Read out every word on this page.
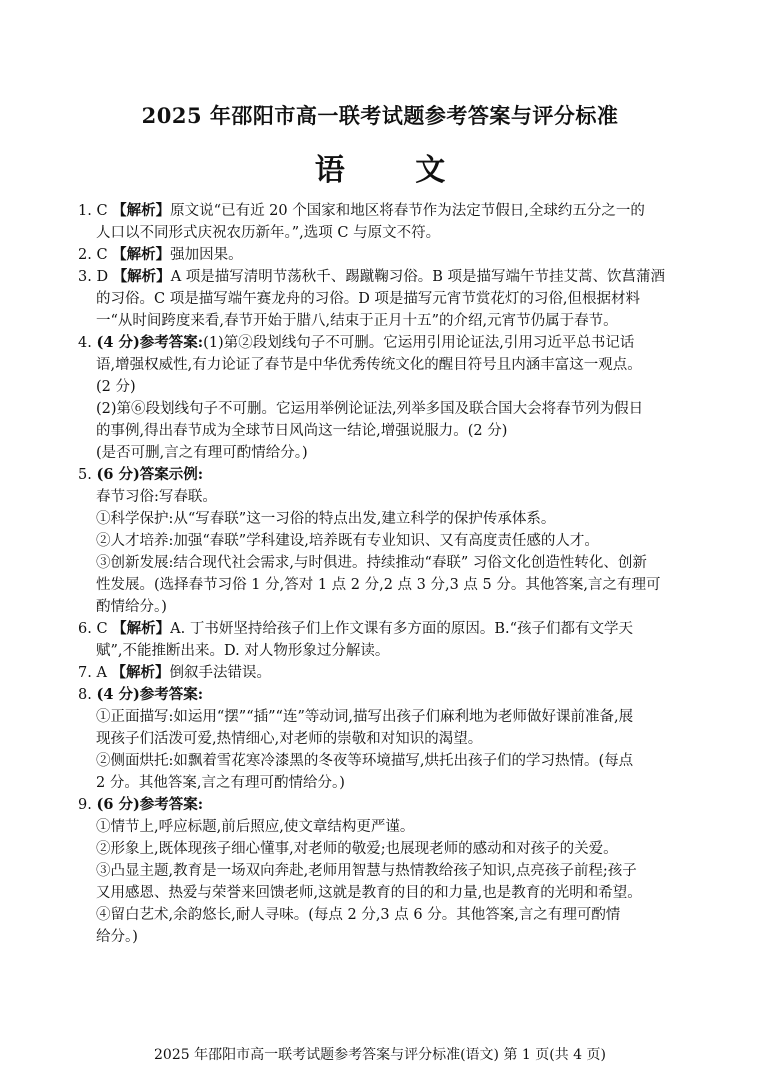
2025 年邵阳市高一联考试题参考答案与评分标准
语 文
1. C 【解析】原文说“已有近 20 个国家和地区将春节作为法定节假日,全球约五分之一的
人口以不同形式庆祝农历新年。”,选项 C 与原文不符。
2. C 【解析】强加因果。
3. D 【解析】A 项是描写清明节荡秋千、踢蹴鞠习俗。B 项是描写端午节挂艾蒿、饮菖蒲酒
的习俗。C 项是描写端午赛龙舟的习俗。D 项是描写元宵节赏花灯的习俗,但根据材料
一“从时间跨度来看,春节开始于腊八,结束于正月十五”的介绍,元宵节仍属于春节。
4. (4 分)参考答案:(1)第②段划线句子不可删。它运用引用论证法,引用习近平总书记话
语,增强权威性,有力论证了春节是中华优秀传统文化的醒目符号且内涵丰富这一观点。
(2 分)
(2)第⑥段划线句子不可删。它运用举例论证法,列举多国及联合国大会将春节列为假日
的事例,得出春节成为全球节日风尚这一结论,增强说服力。(2 分)
(是否可删,言之有理可酌情给分。)
5. (6 分)答案示例:
春节习俗:写春联。
①科学保护:从“写春联”这一习俗的特点出发,建立科学的保护传承体系。
②人才培养:加强“春联”学科建设,培养既有专业知识、又有高度责任感的人才。
③创新发展:结合现代社会需求,与时俱进。持续推动“春联” 习俗文化创造性转化、创新
性发展。(选择春节习俗 1 分,答对 1 点 2 分,2 点 3 分,3 点 5 分。其他答案,言之有理可
酌情给分。)
6. C 【解析】A. 丁书妍坚持给孩子们上作文课有多方面的原因。B.“孩子们都有文学天
赋”,不能推断出来。D. 对人物形象过分解读。
7. A 【解析】倒叙手法错误。
8. (4 分)参考答案:
①正面描写:如运用“摆”“插”“连”等动词,描写出孩子们麻利地为老师做好课前准备,展
现孩子们活泼可爱,热情细心,对老师的崇敬和对知识的渴望。
②侧面烘托:如飘着雪花寒冷漆黑的冬夜等环境描写,烘托出孩子们的学习热情。(每点
2 分。其他答案,言之有理可酌情给分。)
9. (6 分)参考答案:
①情节上,呼应标题,前后照应,使文章结构更严谨。
②形象上,既体现孩子细心懂事,对老师的敬爱;也展现老师的感动和对孩子的关爱。
③凸显主题,教育是一场双向奔赴,老师用智慧与热情教给孩子知识,点亮孩子前程;孩子
又用感恩、热爱与荣誉来回馈老师,这就是教育的目的和力量,也是教育的光明和希望。
④留白艺术,余韵悠长,耐人寻味。(每点 2 分,3 点 6 分。其他答案,言之有理可酌情
给分。)
2025 年邵阳市高一联考试题参考答案与评分标准(语文) 第 1 页(共 4 页)
